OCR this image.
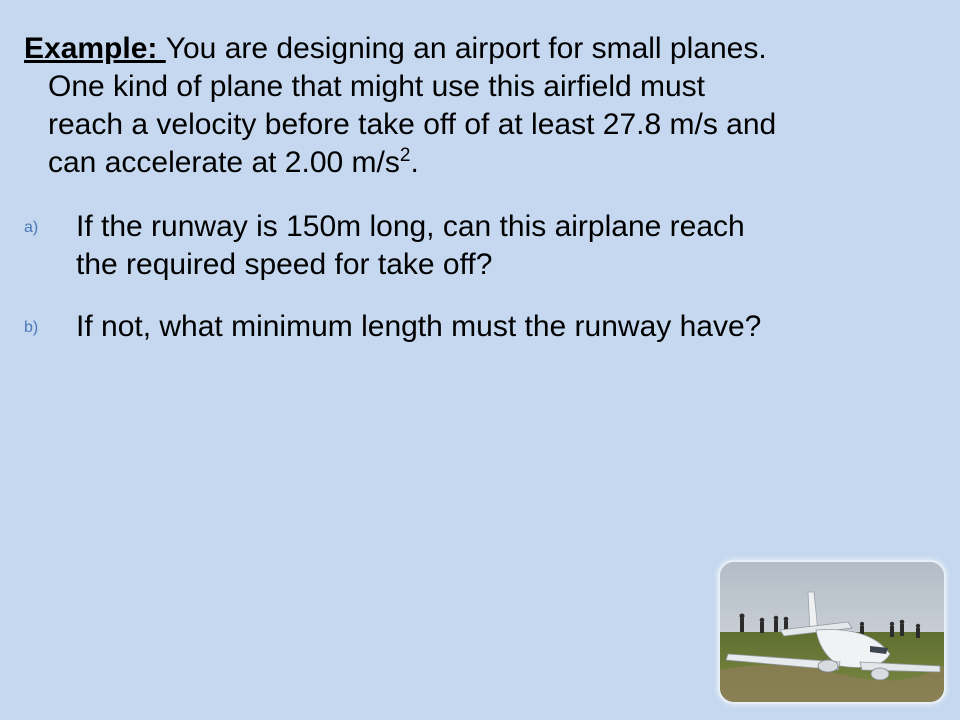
Example: You are designing an airport for small planes.
One kind of plane that might use this airfield must
reach a velocity before take off of at least 27.8 m/s and
can accelerate at 2.00 $m/s^2$.
a) If the runway is 150m long, can this airplane reach
the required speed for take off?
b) If not, what minimum length must the runway have?
